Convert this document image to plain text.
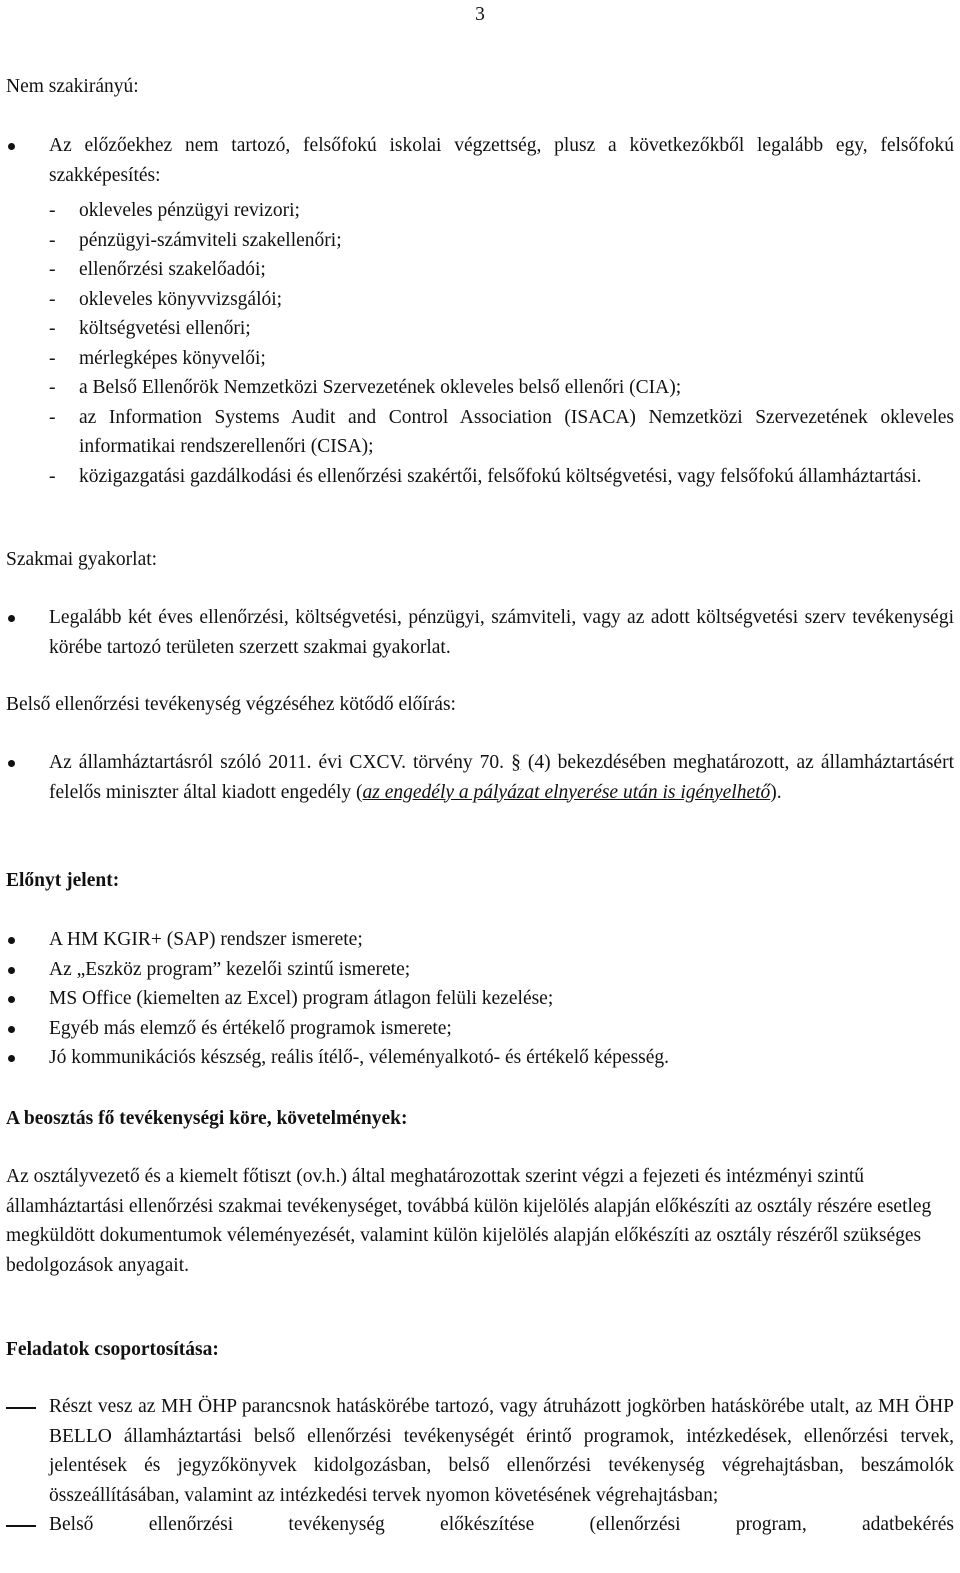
3

Nem szakirányú:

Az előzőekhez nem tartozó, felsőfokú iskolai végzettség, plusz a következőkből legalább egy, felsőfokú szakképesítés:
-	okleveles pénzügyi revizori;
-	pénzügyi-számviteli szakellenőri;
-	ellenőrzési szakelőadói;
-	okleveles könyvvizsgálói;
-	költségvetési ellenőri;
-	mérlegképes könyvelői;
-	a Belső Ellenőrök Nemzetközi Szervezetének okleveles belső ellenőri (CIA);
-	az Information Systems Audit and Control Association (ISACA) Nemzetközi Szervezetének okleveles informatikai rendszerellenőri (CISA);
-	közigazgatási gazdálkodási és ellenőrzési szakértői, felsőfokú költségvetési, vagy felsőfokú államháztartási.

Szakmai gyakorlat:

Legalább két éves ellenőrzési, költségvetési, pénzügyi, számviteli, vagy az adott költségvetési szerv tevékenységi körébe tartozó területen szerzett szakmai gyakorlat.

Belső ellenőrzési tevékenység végzéséhez kötődő előírás:

Az államháztartásról szóló 2011. évi CXCV. törvény 70. § (4) bekezdésében meghatározott, az államháztartásért felelős miniszter által kiadott engedély (az engedély a pályázat elnyerése után is igényelhető).

Előnyt jelent:

A HM KGIR+ (SAP) rendszer ismerete;
Az „Eszköz program” kezelői szintű ismerete;
MS Office (kiemelten az Excel) program átlagon felüli kezelése;
Egyéb más elemző és értékelő programok ismerete;
Jó kommunikációs készség, reális ítélő-, véleményalkotó- és értékelő képesség.

A beosztás fő tevékenységi köre, követelmények:

Az osztályvezető és a kiemelt főtiszt (ov.h.) által meghatározottak szerint végzi a fejezeti és intézményi szintű államháztartási ellenőrzési szakmai tevékenységet, továbbá külön kijelölés alapján előkészíti az osztály részére esetleg megküldött dokumentumok véleményezését, valamint külön kijelölés alapján előkészíti az osztály részéről szükséges bedolgozások anyagait.

Feladatok csoportosítása:

Részt vesz az MH ÖHP parancsnok hatáskörébe tartozó, vagy átruházott jogkörben hatáskörébe utalt, az MH ÖHP BELLO államháztartási belső ellenőrzési tevékenységét érintő programok, intézkedések, ellenőrzési tervek, jelentések és jegyzőkönyvek kidolgozásban, belső ellenőrzési tevékenység végrehajtásban, beszámolók összeállításában, valamint az intézkedési tervek nyomon követésének végrehajtásban;
Belső ellenőrzési tevékenység előkészítése (ellenőrzési program, adatbekérés
